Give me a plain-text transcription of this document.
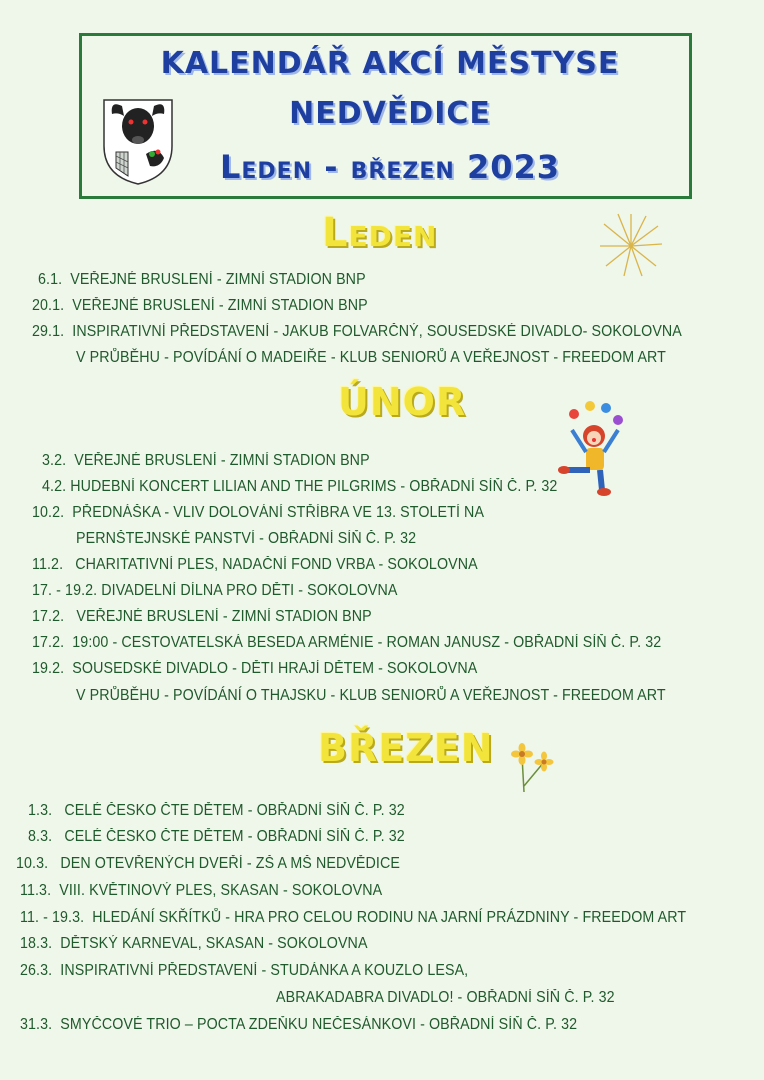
KALENDÁŘ AKCÍ MĚSTYSE
NEDVĚDICE
Leden - březen 2023
Leden
6.1.  VEŘEJNÉ BRUSLENÍ - ZIMNÍ STADION BNP
20.1.  VEŘEJNÉ BRUSLENÍ - ZIMNÍ STADION BNP
29.1.  INSPIRATIVNÍ PŘEDSTAVENÍ - JAKUB FOLVARČNÝ, SOUSEDSKÉ DIVADLO- SOKOLOVNA
V PRŮBĚHU - POVÍDÁNÍ O MADEIŘE - KLUB SENIORŮ A VEŘEJNOST - FREEDOM ART
ÚNOR
3.2.  VEŘEJNÉ BRUSLENÍ - ZIMNÍ STADION BNP
4.2. HUDEBNÍ KONCERT LILIAN AND THE PILGRIMS - OBŘADNÍ SÍŇ Č. P. 32
10.2.  PŘEDNÁŠKA - VLIV DOLOVÁNÍ STŘÍBRA VE 13. STOLETÍ NA
PERNŠTEJNSKÉ PANSTVÍ - OBŘADNÍ SÍŇ Č. P. 32
11.2.   CHARITATIVNÍ PLES, NADAČNÍ FOND VRBA - SOKOLOVNA
17. - 19.2. DIVADELNÍ DÍLNA PRO DĚTI - SOKOLOVNA
17.2.   VEŘEJNÉ BRUSLENÍ - ZIMNÍ STADION BNP
17.2.  19:00 - CESTOVATELSKÁ BESEDA ARMÉNIE - ROMAN JANUSZ - OBŘADNÍ SÍŇ Č. P. 32
19.2.  SOUSEDSKÉ DIVADLO - DĚTI HRAJÍ DĚTEM - SOKOLOVNA
V PRŮBĚHU - POVÍDÁNÍ O THAJSKU - KLUB SENIORŮ A VEŘEJNOST - FREEDOM ART
BŘEZEN
1.3.   CELÉ ČESKO ČTE DĚTEM - OBŘADNÍ SÍŇ Č. P. 32
8.3.   CELÉ ČESKO ČTE DĚTEM - OBŘADNÍ SÍŇ Č. P. 32
10.3.   DEN OTEVŘENÝCH DVEŘÍ - ZŠ A MŠ NEDVĚDICE
11.3.  VIII. KVĚTINOVÝ PLES, SKASAN - SOKOLOVNA
11. - 19.3.  HLEDÁNÍ SKŘÍTKŮ - HRA PRO CELOU RODINU NA JARNÍ PRÁZDNINY - FREEDOM ART
18.3.  DĚTSKÝ KARNEVAL, SKASAN - SOKOLOVNA
26.3.  INSPIRATIVNÍ PŘEDSTAVENÍ - STUDÁNKA A KOUZLO LESA,
ABRAKADABRA DIVADLO! - OBŘADNÍ SÍŇ Č. P. 32
31.3.  SMYČCOVÉ TRIO – POCTA ZDEŇKU NEČESÁNKOVI - OBŘADNÍ SÍŇ Č. P. 32
